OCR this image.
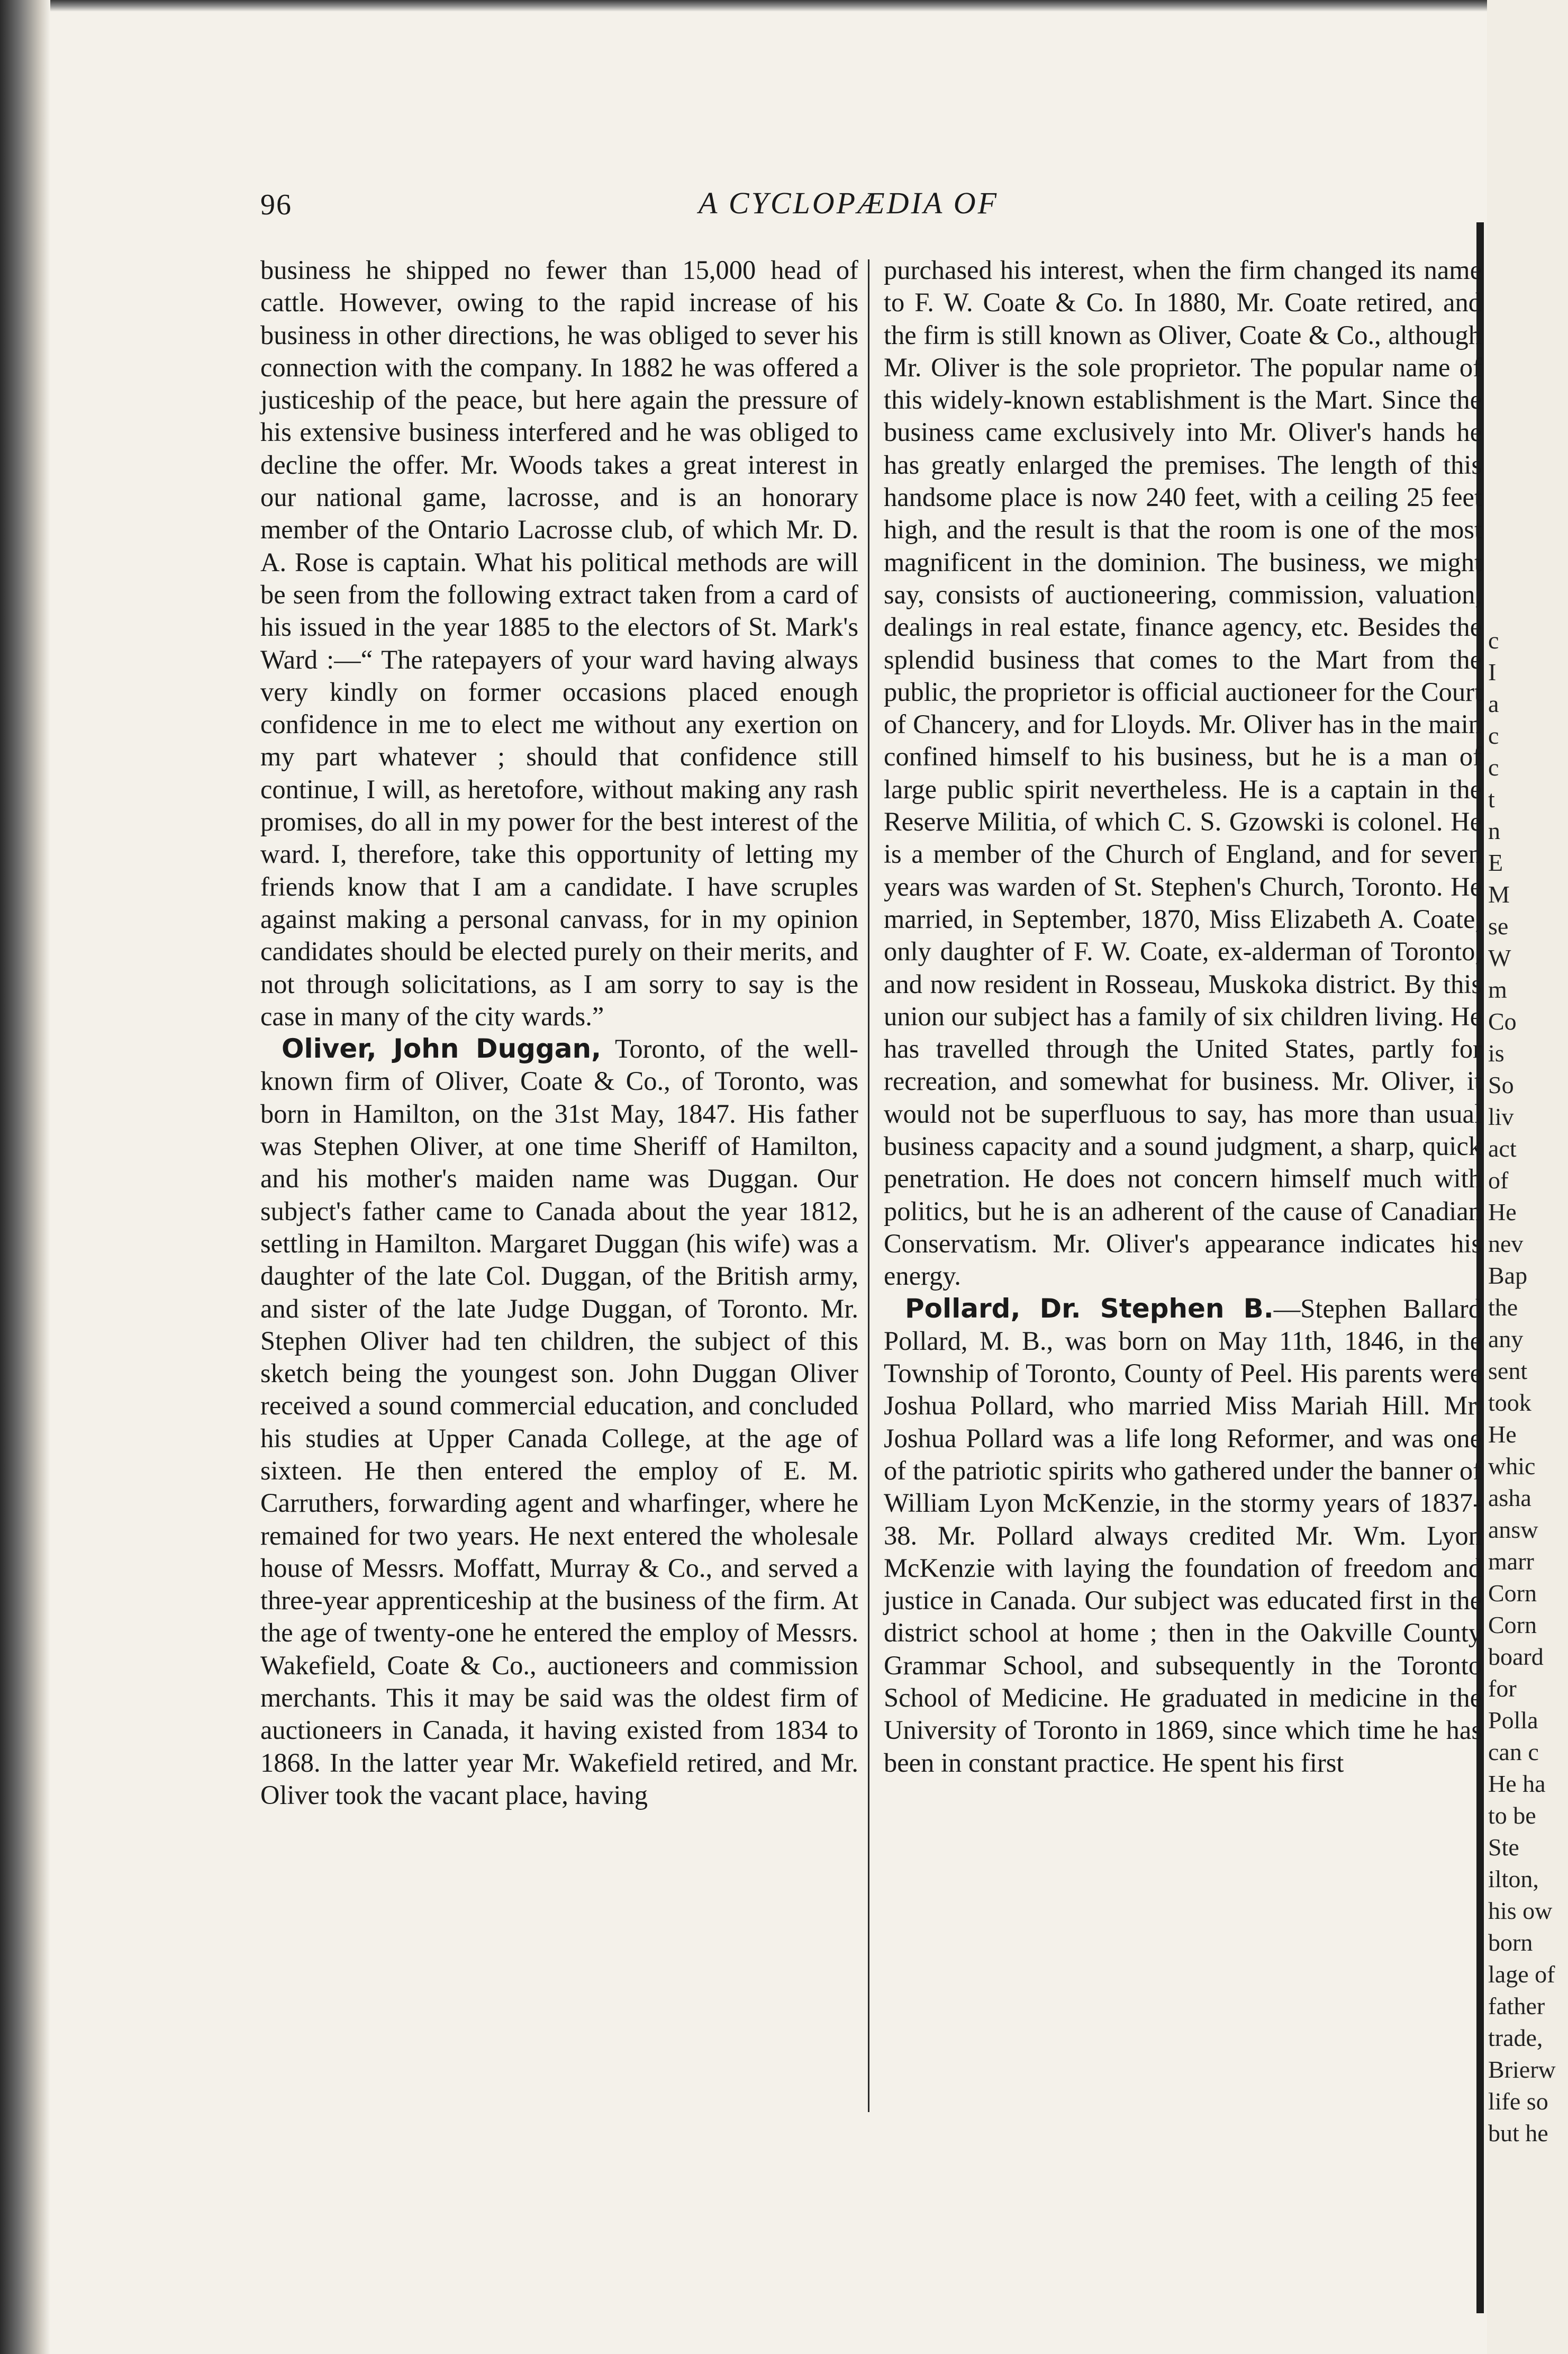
96	A CYCLOPÆDIA OF

business he shipped no fewer than 15,000 head of cattle. However, owing to the rapid increase of his business in other directions, he was obliged to sever his connection with the company. In 1882 he was offered a justiceship of the peace, but here again the pressure of his extensive business interfered and he was obliged to decline the offer. Mr. Woods takes a great interest in our national game, lacrosse, and is an honorary member of the Ontario Lacrosse club, of which Mr. D. A. Rose is captain. What his political methods are will be seen from the following extract taken from a card of his issued in the year 1885 to the electors of St. Mark's Ward :—“ The ratepayers of your ward having always very kindly on former occasions placed enough confidence in me to elect me without any exertion on my part whatever ; should that confidence still continue, I will, as heretofore, without making any rash promises, do all in my power for the best interest of the ward. I, therefore, take this opportunity of letting my friends know that I am a candidate. I have scruples against making a personal canvass, for in my opinion candidates should be elected purely on their merits, and not through solicitations, as I am sorry to say is the case in many of the city wards.”

Oliver, John Duggan, Toronto, of the well-known firm of Oliver, Coate & Co., of Toronto, was born in Hamilton, on the 31st May, 1847. His father was Stephen Oliver, at one time Sheriff of Hamilton, and his mother's maiden name was Duggan. Our subject's father came to Canada about the year 1812, settling in Hamilton. Margaret Duggan (his wife) was a daughter of the late Col. Duggan, of the British army, and sister of the late Judge Duggan, of Toronto. Mr. Stephen Oliver had ten children, the subject of this sketch being the youngest son. John Duggan Oliver received a sound commercial education, and concluded his studies at Upper Canada College, at the age of sixteen. He then entered the employ of E. M. Carruthers, forwarding agent and wharfinger, where he remained for two years. He next entered the wholesale house of Messrs. Moffatt, Murray & Co., and served a three-year apprenticeship at the business of the firm. At the age of twenty-one he entered the employ of Messrs. Wakefield, Coate & Co., auctioneers and commission merchants. This it may be said was the oldest firm of auctioneers in Canada, it having existed from 1834 to 1868. In the latter year Mr. Wakefield retired, and Mr. Oliver took the vacant place, having

purchased his interest, when the firm changed its name to F. W. Coate & Co. In 1880, Mr. Coate retired, and the firm is still known as Oliver, Coate & Co., although Mr. Oliver is the sole proprietor. The popular name of this widely-known establishment is the Mart. Since the business came exclusively into Mr. Oliver's hands he has greatly enlarged the premises. The length of this handsome place is now 240 feet, with a ceiling 25 feet high, and the result is that the room is one of the most magnificent in the dominion. The business, we might say, consists of auctioneering, commission, valuation, dealings in real estate, finance agency, etc. Besides the splendid business that comes to the Mart from the public, the proprietor is official auctioneer for the Court of Chancery, and for Lloyds. Mr. Oliver has in the main confined himself to his business, but he is a man of large public spirit nevertheless. He is a captain in the Reserve Militia, of which C. S. Gzowski is colonel. He is a member of the Church of England, and for seven years was warden of St. Stephen's Church, Toronto. He married, in September, 1870, Miss Elizabeth A. Coate, only daughter of F. W. Coate, ex-alderman of Toronto, and now resident in Rosseau, Muskoka district. By this union our subject has a family of six children living. He has travelled through the United States, partly for recreation, and somewhat for business. Mr. Oliver, it would not be superfluous to say, has more than usual business capacity and a sound judgment, a sharp, quick penetration. He does not concern himself much with politics, but he is an adherent of the cause of Canadian Conservatism. Mr. Oliver's appearance indicates his energy.

Pollard, Dr. Stephen B.—Stephen Ballard Pollard, M. B., was born on May 11th, 1846, in the Township of Toronto, County of Peel. His parents were Joshua Pollard, who married Miss Mariah Hill. Mr. Joshua Pollard was a life long Reformer, and was one of the patriotic spirits who gathered under the banner of William Lyon McKenzie, in the stormy years of 1837-38. Mr. Pollard always credited Mr. Wm. Lyon McKenzie with laying the foundation of freedom and justice in Canada. Our subject was educated first in the district school at home ; then in the Oakville County Grammar School, and subsequently in the Toronto School of Medicine. He graduated in medicine in the University of Toronto in 1869, since which time he has been in constant practice. He spent his first

c
I
a
c
c
t
n
E
M
se
W
m
Co
is
So
liv
act
of
He
nev
Bap
the
any
sent
took
He
whic
asha
answ
marr
Corn
Corn
board
for
Polla
can c
He ha
to be
Ste
ilton,
his ow
born
lage of
father
trade,
Brierw
life so
but he
